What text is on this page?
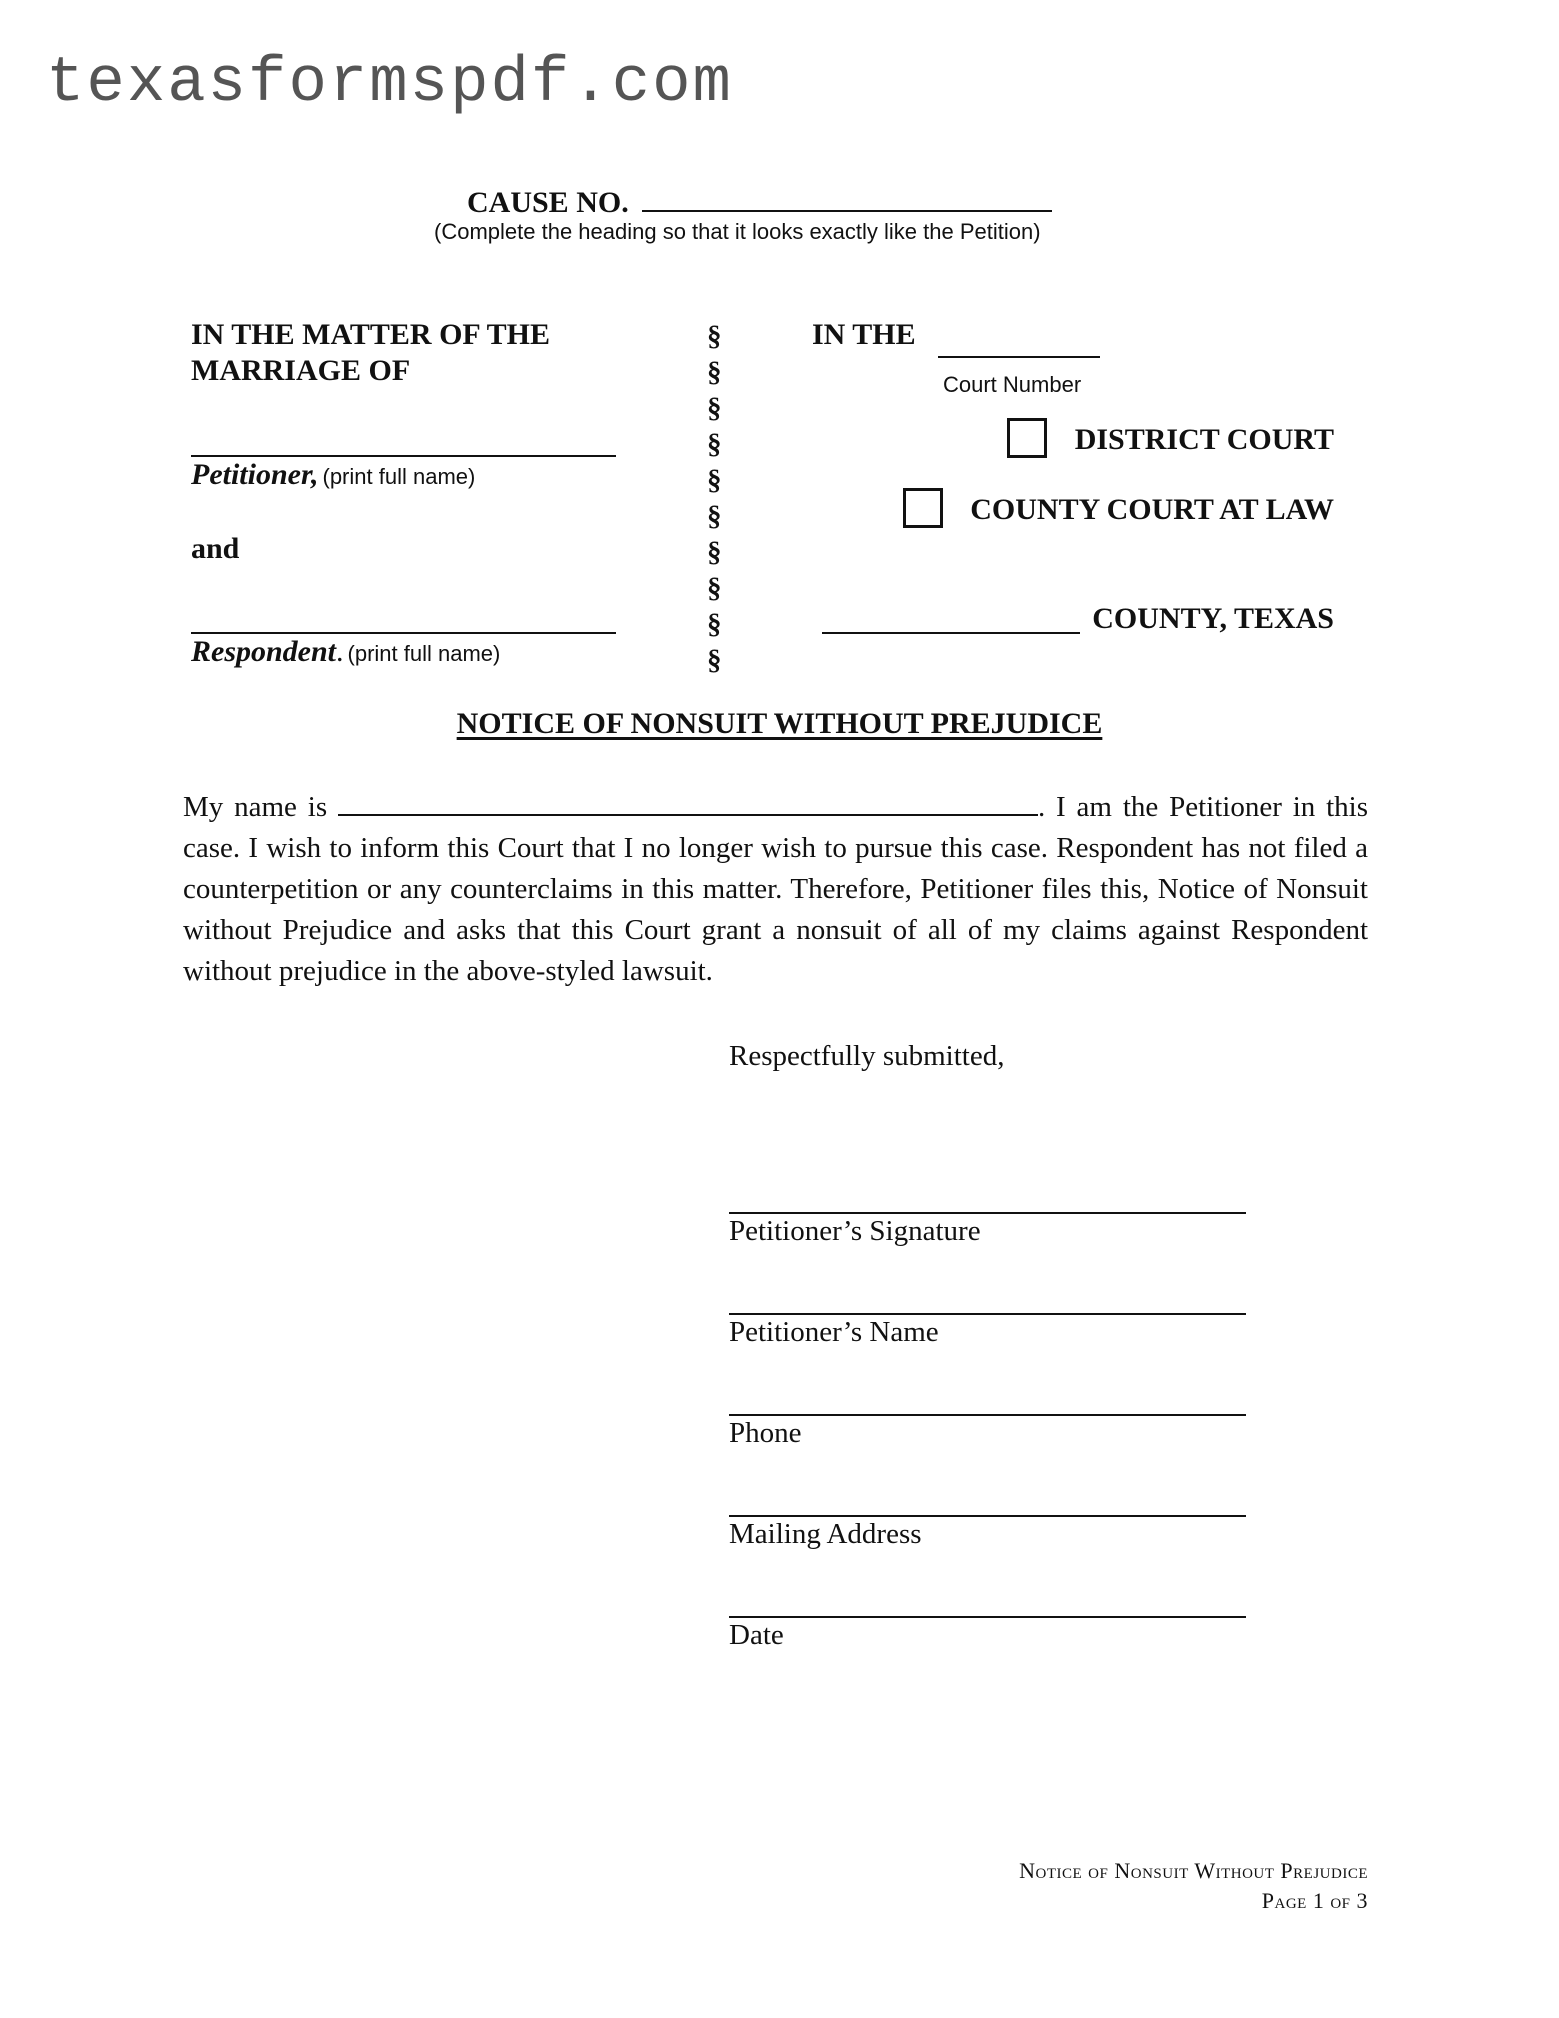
texasformspdf.com
CAUSE NO.
(Complete the heading so that it looks exactly like the Petition)
IN THE MATTER OF THE
MARRIAGE OF
Petitioner, (print full name)
and
Respondent. (print full name)
§
§
§
§
§
§
§
§
§
§
IN THE
Court Number
DISTRICT COURT
COUNTY COURT AT LAW
COUNTY, TEXAS
NOTICE OF NONSUIT WITHOUT PREJUDICE
My name is	. I am the Petitioner in this case. I wish to inform this Court that I no longer wish to pursue this case. Respondent has not filed a counterpetition or any counterclaims in this matter. Therefore, Petitioner files this, Notice of Nonsuit without Prejudice and asks that this Court grant a nonsuit of all of my claims against Respondent without prejudice in the above-styled lawsuit.
Respectfully submitted,
Petitioner’s Signature
Petitioner’s Name
Phone
Mailing Address
Date
Notice of Nonsuit Without Prejudice
Page 1 of 3
